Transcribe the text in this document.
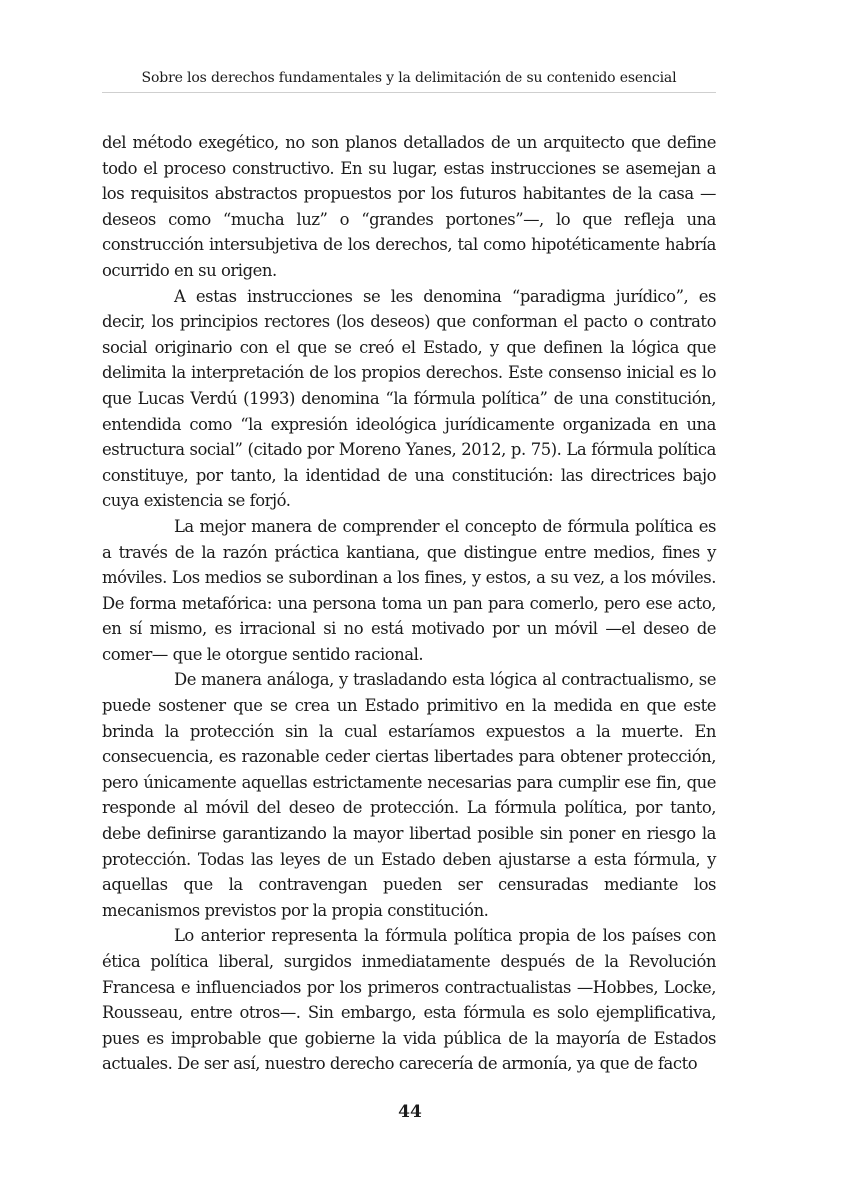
Sobre los derechos fundamentales y la delimitación de su contenido esencial

del método exegético, no son planos detallados de un arquitecto que define todo el proceso constructivo. En su lugar, estas instrucciones se asemejan a los requisitos abstractos propuestos por los futuros habitantes de la casa —deseos como “mucha luz” o “grandes portones”—, lo que refleja una construcción intersubjetiva de los derechos, tal como hipotéticamente habría ocurrido en su origen.

A estas instrucciones se les denomina “paradigma jurídico”, es decir, los principios rectores (los deseos) que conforman el pacto o contrato social originario con el que se creó el Estado, y que definen la lógica que delimita la interpretación de los propios derechos. Este consenso inicial es lo que Lucas Verdú (1993) denomina “la fórmula política” de una constitución, entendida como “la expresión ideológica jurídicamente organizada en una estructura social” (citado por Moreno Yanes, 2012, p. 75). La fórmula política constituye, por tanto, la identidad de una constitución: las directrices bajo cuya existencia se forjó.

La mejor manera de comprender el concepto de fórmula política es a través de la razón práctica kantiana, que distingue entre medios, fines y móviles. Los medios se subordinan a los fines, y estos, a su vez, a los móviles. De forma metafórica: una persona toma un pan para comerlo, pero ese acto, en sí mismo, es irracional si no está motivado por un móvil —el deseo de comer— que le otorgue sentido racional.

De manera análoga, y trasladando esta lógica al contractualismo, se puede sostener que se crea un Estado primitivo en la medida en que este brinda la protección sin la cual estaríamos expuestos a la muerte. En consecuencia, es razonable ceder ciertas libertades para obtener protección, pero únicamente aquellas estrictamente necesarias para cumplir ese fin, que responde al móvil del deseo de protección. La fórmula política, por tanto, debe definirse garantizando la mayor libertad posible sin poner en riesgo la protección. Todas las leyes de un Estado deben ajustarse a esta fórmula, y aquellas que la contravengan pueden ser censuradas mediante los mecanismos previstos por la propia constitución.

Lo anterior representa la fórmula política propia de los países con ética política liberal, surgidos inmediatamente después de la Revolución Francesa e influenciados por los primeros contractualistas —Hobbes, Locke, Rousseau, entre otros—. Sin embargo, esta fórmula es solo ejemplificativa, pues es improbable que gobierne la vida pública de la mayoría de Estados actuales. De ser así, nuestro derecho carecería de armonía, ya que de facto

44
